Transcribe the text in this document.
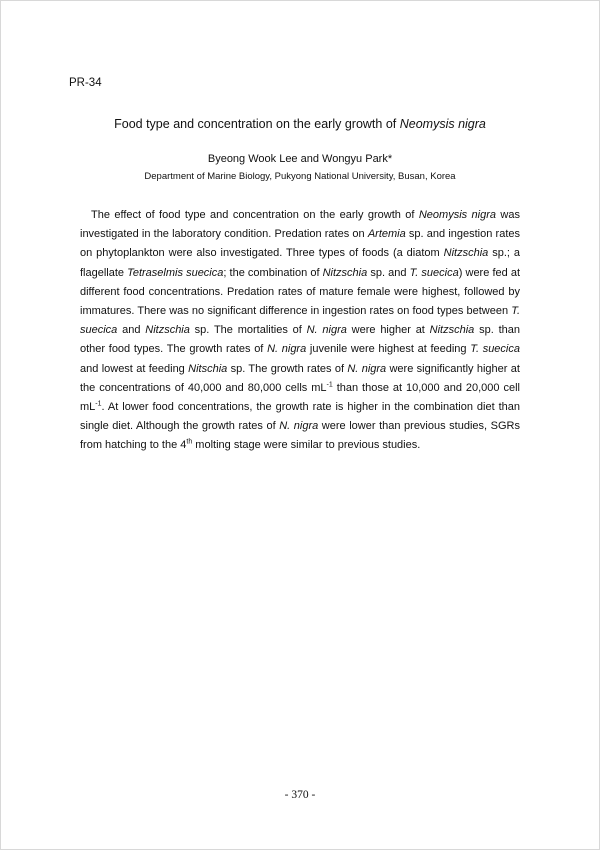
PR-34
Food type and concentration on the early growth of Neomysis nigra
Byeong Wook Lee and Wongyu Park*
Department of Marine Biology, Pukyong National University, Busan, Korea

The effect of food type and concentration on the early growth of Neomysis nigra was investigated in the laboratory condition. Predation rates on Artemia sp. and ingestion rates on phytoplankton were also investigated. Three types of foods (a diatom Nitzschia sp.; a flagellate Tetraselmis suecica; the combination of Nitzschia sp. and T. suecica) were fed at different food concentrations. Predation rates of mature female were highest, followed by immatures. There was no significant difference in ingestion rates on food types between T. suecica and Nitzschia sp. The mortalities of N. nigra were higher at Nitzschia sp. than other food types. The growth rates of N. nigra juvenile were highest at feeding T. suecica and lowest at feeding Nitschia sp. The growth rates of N. nigra were significantly higher at the concentrations of 40,000 and 80,000 cells $mL^{-1}$ than those at 10,000 and 20,000 cell $mL^{-1}$. At lower food concentrations, the growth rate is higher in the combination diet than single diet. Although the growth rates of N. nigra were lower than previous studies, SGRs from hatching to the 4th molting stage were similar to previous studies.

- 370 -
